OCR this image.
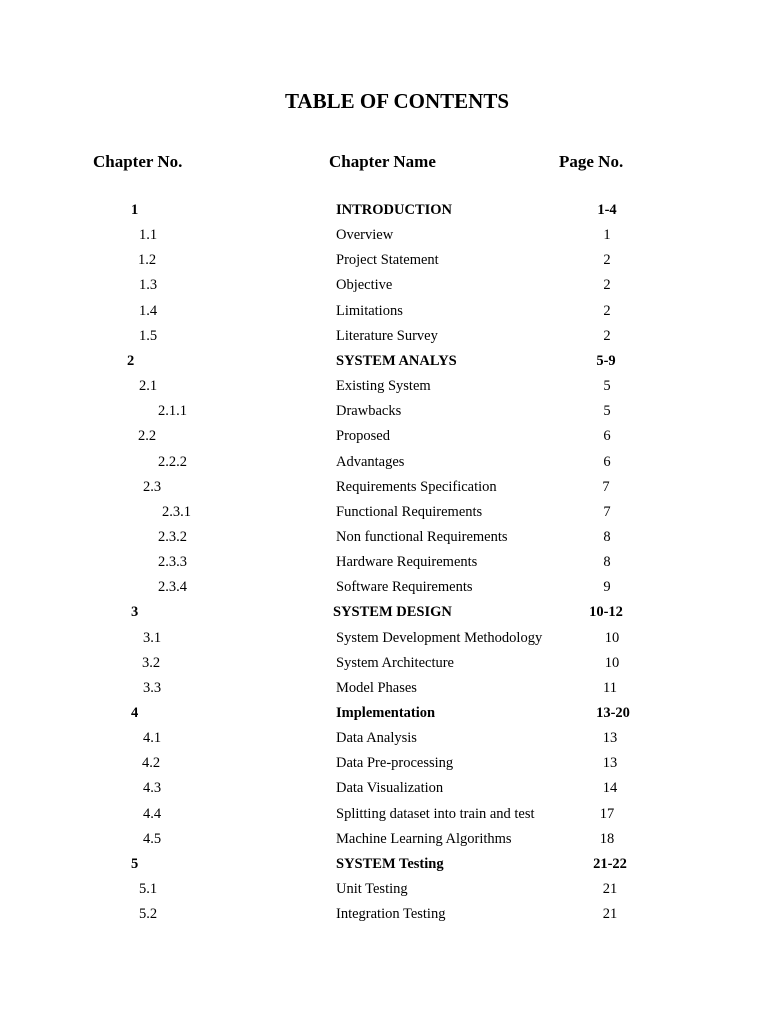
TABLE OF CONTENTS
Chapter No.	Chapter Name	Page No.
1	INTRODUCTION	1-4
1.1	Overview	1
1.2	Project Statement	2
1.3	Objective	2
1.4	Limitations	2
1.5	Literature Survey	2
2	SYSTEM ANALYS	5-9
2.1	Existing System	5
2.1.1	Drawbacks	5
2.2	Proposed	6
2.2.2	Advantages	6
2.3	Requirements Specification	7
2.3.1	Functional Requirements	7
2.3.2	Non functional Requirements	8
2.3.3	Hardware Requirements	8
2.3.4	Software Requirements	9
3	SYSTEM DESIGN	10-12
3.1	System Development Methodology	10
3.2	System Architecture	10
3.3	Model Phases	11
4	Implementation	13-20
4.1	Data Analysis	13
4.2	Data Pre-processing	13
4.3	Data Visualization	14
4.4	Splitting dataset into train and test	17
4.5	Machine Learning Algorithms	18
5	SYSTEM Testing	21-22
5.1	Unit Testing	21
5.2	Integration Testing	21
